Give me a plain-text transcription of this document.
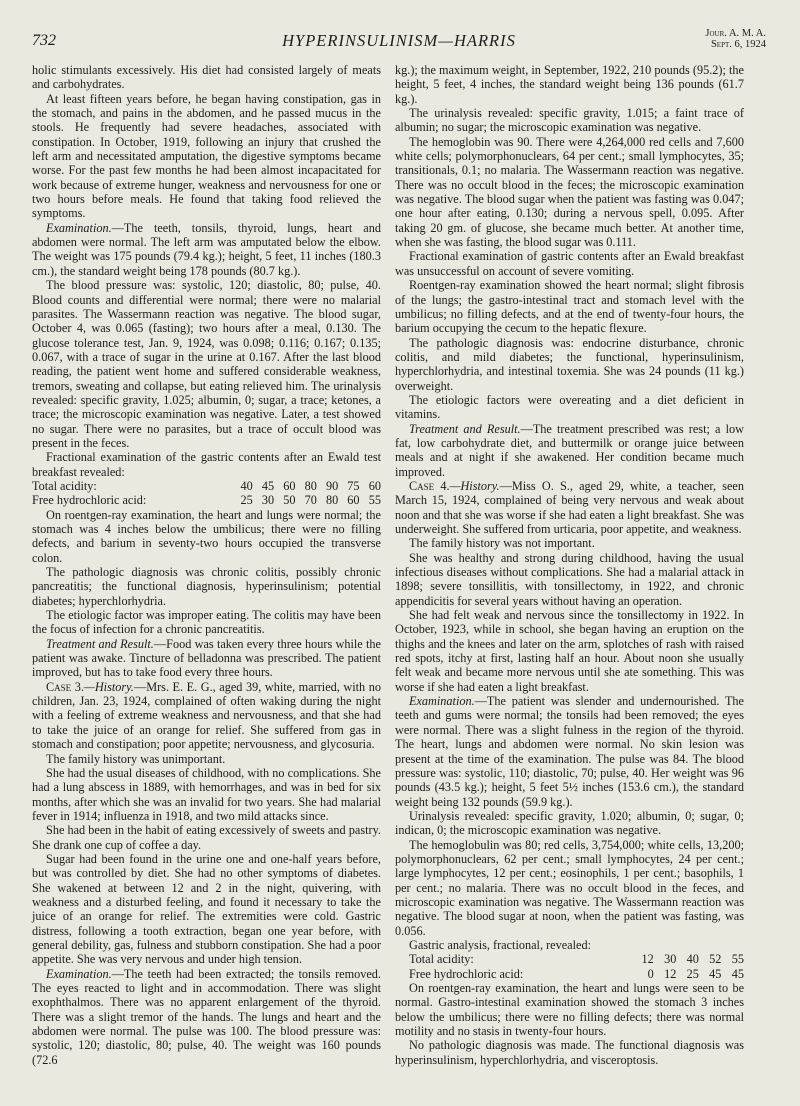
732	HYPERINSULINISM—HARRIS	Jour. A. M. A.
Sept. 6, 1924

holic stimulants excessively. His diet had consisted largely of meats and carbohydrates.

At least fifteen years before, he began having constipation, gas in the stomach, and pains in the abdomen, and he passed mucus in the stools. He frequently had severe headaches, associated with constipation. In October, 1919, following an injury that crushed the left arm and necessitated amputation, the digestive symptoms became worse. For the past few months he had been almost incapacitated for work because of extreme hunger, weakness and nervousness for one or two hours before meals. He found that taking food relieved the symptoms.

Examination.—The teeth, tonsils, thyroid, lungs, heart and abdomen were normal. The left arm was amputated below the elbow. The weight was 175 pounds (79.4 kg.); height, 5 feet, 11 inches (180.3 cm.), the standard weight being 178 pounds (80.7 kg.).

The blood pressure was: systolic, 120; diastolic, 80; pulse, 40. Blood counts and differential were normal; there were no malarial parasites. The Wassermann reaction was negative. The blood sugar, October 4, was 0.065 (fasting); two hours after a meal, 0.130. The glucose tolerance test, Jan. 9, 1924, was 0.098; 0.116; 0.167; 0.135; 0.067, with a trace of sugar in the urine at 0.167. After the last blood reading, the patient went home and suffered considerable weakness, tremors, sweating and collapse, but eating relieved him. The urinalysis revealed: specific gravity, 1.025; albumin, 0; sugar, a trace; ketones, a trace; the microscopic examination was negative. Later, a test showed no sugar. There were no parasites, but a trace of occult blood was present in the feces.

Fractional examination of the gastric contents after an Ewald test breakfast revealed:

Total acidity:	40	45	60	80	90	75	60
Free hydrochloric acid:	25	30	50	70	80	60	55

On roentgen-ray examination, the heart and lungs were normal; the stomach was 4 inches below the umbilicus; there were no filling defects, and barium in seventy-two hours occupied the transverse colon.

The pathologic diagnosis was chronic colitis, possibly chronic pancreatitis; the functional diagnosis, hyperinsulinism; potential diabetes; hyperchlorhydria.

The etiologic factor was improper eating. The colitis may have been the focus of infection for a chronic pancreatitis.

Treatment and Result.—Food was taken every three hours while the patient was awake. Tincture of belladonna was prescribed. The patient improved, but has to take food every three hours.

Case 3.—History.—Mrs. E. E. G., aged 39, white, married, with no children, Jan. 23, 1924, complained of often waking during the night with a feeling of extreme weakness and nervousness, and that she had to take the juice of an orange for relief. She suffered from gas in stomach and constipation; poor appetite; nervousness, and glycosuria.

The family history was unimportant.

She had the usual diseases of childhood, with no complications. She had a lung abscess in 1889, with hemorrhages, and was in bed for six months, after which she was an invalid for two years. She had malarial fever in 1914; influenza in 1918, and two mild attacks since.

She had been in the habit of eating excessively of sweets and pastry. She drank one cup of coffee a day.

Sugar had been found in the urine one and one-half years before, but was controlled by diet. She had no other symptoms of diabetes. She wakened at between 12 and 2 in the night, quivering, with weakness and a disturbed feeling, and found it necessary to take the juice of an orange for relief. The extremities were cold. Gastric distress, following a tooth extraction, began one year before, with general debility, gas, fulness and stubborn constipation. She had a poor appetite. She was very nervous and under high tension.

Examination.—The teeth had been extracted; the tonsils removed. The eyes reacted to light and in accommodation. There was slight exophthalmos. There was no apparent enlargement of the thyroid. There was a slight tremor of the hands. The lungs and heart and the abdomen were normal. The pulse was 100. The blood pressure was: systolic, 120; diastolic, 80; pulse, 40. The weight was 160 pounds (72.6

kg.); the maximum weight, in September, 1922, 210 pounds (95.2); the height, 5 feet, 4 inches, the standard weight being 136 pounds (61.7 kg.).

The urinalysis revealed: specific gravity, 1.015; a faint trace of albumin; no sugar; the microscopic examination was negative.

The hemoglobin was 90. There were 4,264,000 red cells and 7,600 white cells; polymorphonuclears, 64 per cent.; small lymphocytes, 35; transitionals, 0.1; no malaria. The Wassermann reaction was negative. There was no occult blood in the feces; the microscopic examination was negative. The blood sugar when the patient was fasting was 0.047; one hour after eating, 0.130; during a nervous spell, 0.095. After taking 20 gm. of glucose, she became much better. At another time, when she was fasting, the blood sugar was 0.111.

Fractional examination of gastric contents after an Ewald breakfast was unsuccessful on account of severe vomiting.

Roentgen-ray examination showed the heart normal; slight fibrosis of the lungs; the gastro-intestinal tract and stomach level with the umbilicus; no filling defects, and at the end of twenty-four hours, the barium occupying the cecum to the hepatic flexure.

The pathologic diagnosis was: endocrine disturbance, chronic colitis, and mild diabetes; the functional, hyperinsulinism, hyperchlorhydria, and intestinal toxemia. She was 24 pounds (11 kg.) overweight.

The etiologic factors were overeating and a diet deficient in vitamins.

Treatment and Result.—The treatment prescribed was rest; a low fat, low carbohydrate diet, and buttermilk or orange juice between meals and at night if she awakened. Her condition became much improved.

Case 4.—History.—Miss O. S., aged 29, white, a teacher, seen March 15, 1924, complained of being very nervous and weak about noon and that she was worse if she had eaten a light breakfast. She was underweight. She suffered from urticaria, poor appetite, and weakness.

The family history was not important.

She was healthy and strong during childhood, having the usual infectious diseases without complications. She had a malarial attack in 1898; severe tonsillitis, with tonsillectomy, in 1922, and chronic appendicitis for several years without having an operation.

She had felt weak and nervous since the tonsillectomy in 1922. In October, 1923, while in school, she began having an eruption on the thighs and the knees and later on the arm, splotches of rash with raised red spots, itchy at first, lasting half an hour. About noon she usually felt weak and became more nervous until she ate something. This was worse if she had eaten a light breakfast.

Examination.—The patient was slender and undernourished. The teeth and gums were normal; the tonsils had been removed; the eyes were normal. There was a slight fulness in the region of the thyroid. The heart, lungs and abdomen were normal. No skin lesion was present at the time of the examination. The pulse was 84. The blood pressure was: systolic, 110; diastolic, 70; pulse, 40. Her weight was 96 pounds (43.5 kg.); height, 5 feet 5½ inches (153.6 cm.), the standard weight being 132 pounds (59.9 kg.).

Urinalysis revealed: specific gravity, 1.020; albumin, 0; sugar, 0; indican, 0; the microscopic examination was negative.

The hemoglobulin was 80; red cells, 3,754,000; white cells, 13,200; polymorphonuclears, 62 per cent.; small lymphocytes, 24 per cent.; large lymphocytes, 12 per cent.; eosinophils, 1 per cent.; basophils, 1 per cent.; no malaria. There was no occult blood in the feces, and microscopic examination was negative. The Wassermann reaction was negative. The blood sugar at noon, when the patient was fasting, was 0.056.

Gastric analysis, fractional, revealed:

Total acidity:	12	30	40	52	55
Free hydrochloric acid:	0	12	25	45	45

On roentgen-ray examination, the heart and lungs were seen to be normal. Gastro-intestinal examination showed the stomach 3 inches below the umbilicus; there were no filling defects; there was normal motility and no stasis in twenty-four hours.

No pathologic diagnosis was made. The functional diagnosis was hyperinsulinism, hyperchlorhydria, and visceroptosis.
